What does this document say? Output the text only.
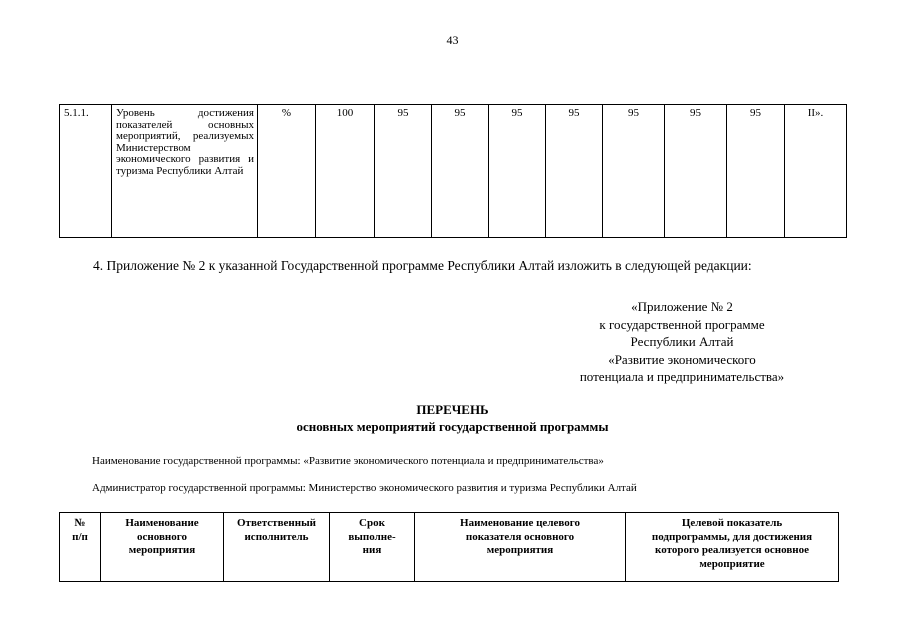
43
5.1.1.	Уровень достижения показателей основных мероприятий, реализуемых Министерством экономического развития и туризма Республики Алтай	%	100	95	95	95	95	95	95	95	II».
4. Приложение № 2 к указанной Государственной программе Республики Алтай изложить в следующей редакции:
«Приложение № 2
к государственной программе
Республики Алтай
«Развитие экономического
потенциала и предпринимательства»
ПЕРЕЧЕНЬ
основных мероприятий государственной программы
Наименование государственной программы: «Развитие экономического потенциала и предпринимательства»
Администратор государственной программы: Министерство экономического развития и туризма Республики Алтай
№
п/п

Наименование
основного
мероприятия

Ответственный
исполнитель

Срок
выполне-
ния

Наименование целевого
показателя основного
мероприятия

Целевой показатель
подпрограммы, для достижения
которого реализуется основное
мероприятие
